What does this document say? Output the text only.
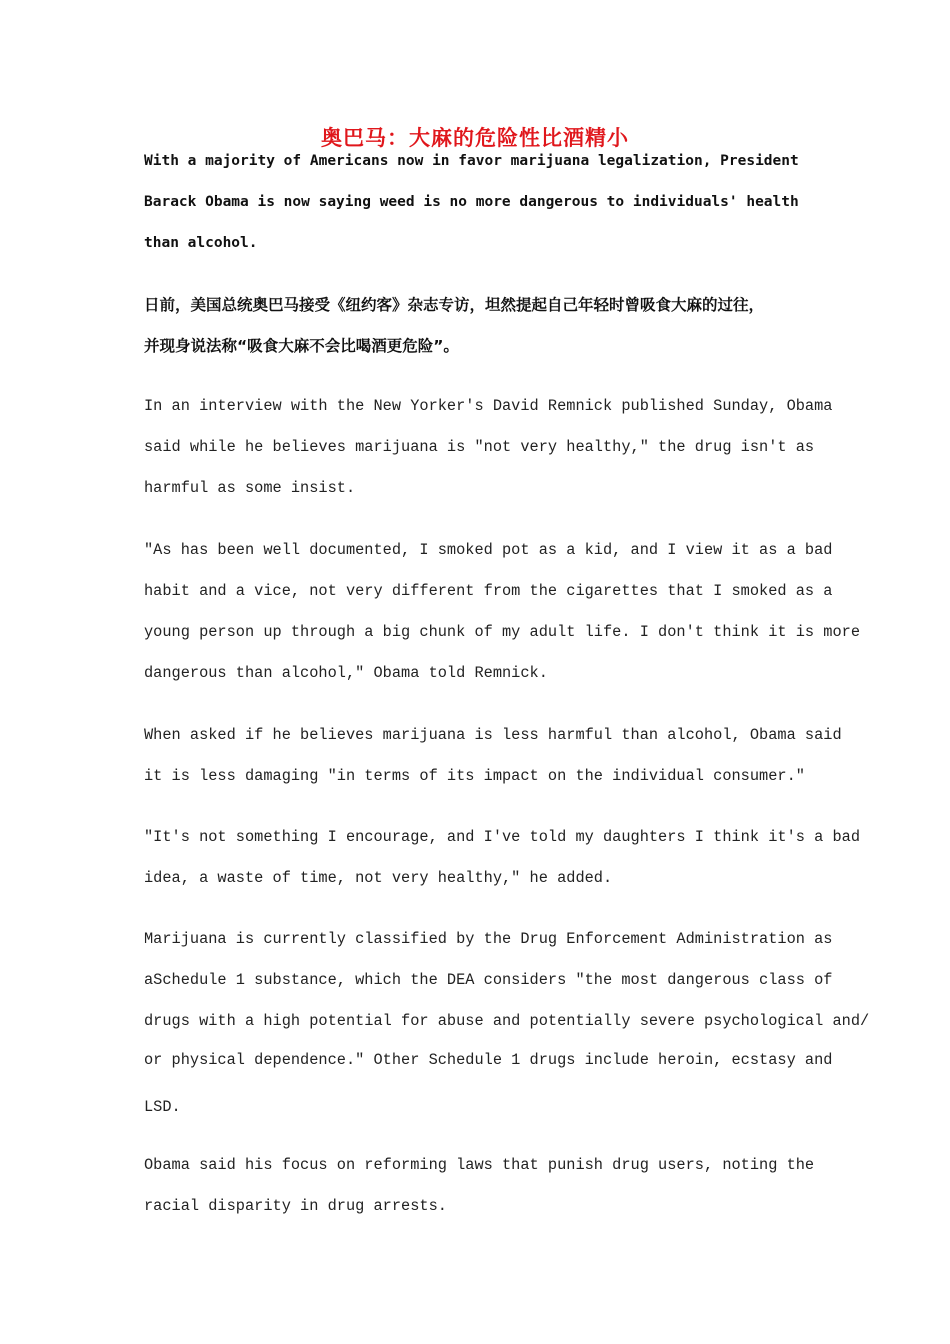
奥巴马：大麻的危险性比酒精小
With a majority of Americans now in favor marijuana legalization, President
Barack Obama is now saying weed is no more dangerous to individuals' health
than alcohol.
日前，美国总统奥巴马接受《纽约客》杂志专访，坦然提起自己年轻时曾吸食大麻的过往，
并现身说法称“吸食大麻不会比喝酒更危险”。
In an interview with the New Yorker's David Remnick published Sunday, Obama
said while he believes marijuana is "not very healthy," the drug isn't as
harmful as some insist.
"As has been well documented, I smoked pot as a kid, and I view it as a bad
habit and a vice, not very different from the cigarettes that I smoked as a
young person up through a big chunk of my adult life. I don't think it is more
dangerous than alcohol," Obama told Remnick.
When asked if he believes marijuana is less harmful than alcohol, Obama said
it is less damaging "in terms of its impact on the individual consumer."
"It's not something I encourage, and I've told my daughters I think it's a bad
idea, a waste of time, not very healthy," he added.
Marijuana is currently classified by the Drug Enforcement Administration as
aSchedule 1 substance, which the DEA considers "the most dangerous class of
drugs with a high potential for abuse and potentially severe psychological and/
or physical dependence." Other Schedule 1 drugs include heroin, ecstasy and
LSD.
Obama said his focus on reforming laws that punish drug users, noting the
racial disparity in drug arrests.
